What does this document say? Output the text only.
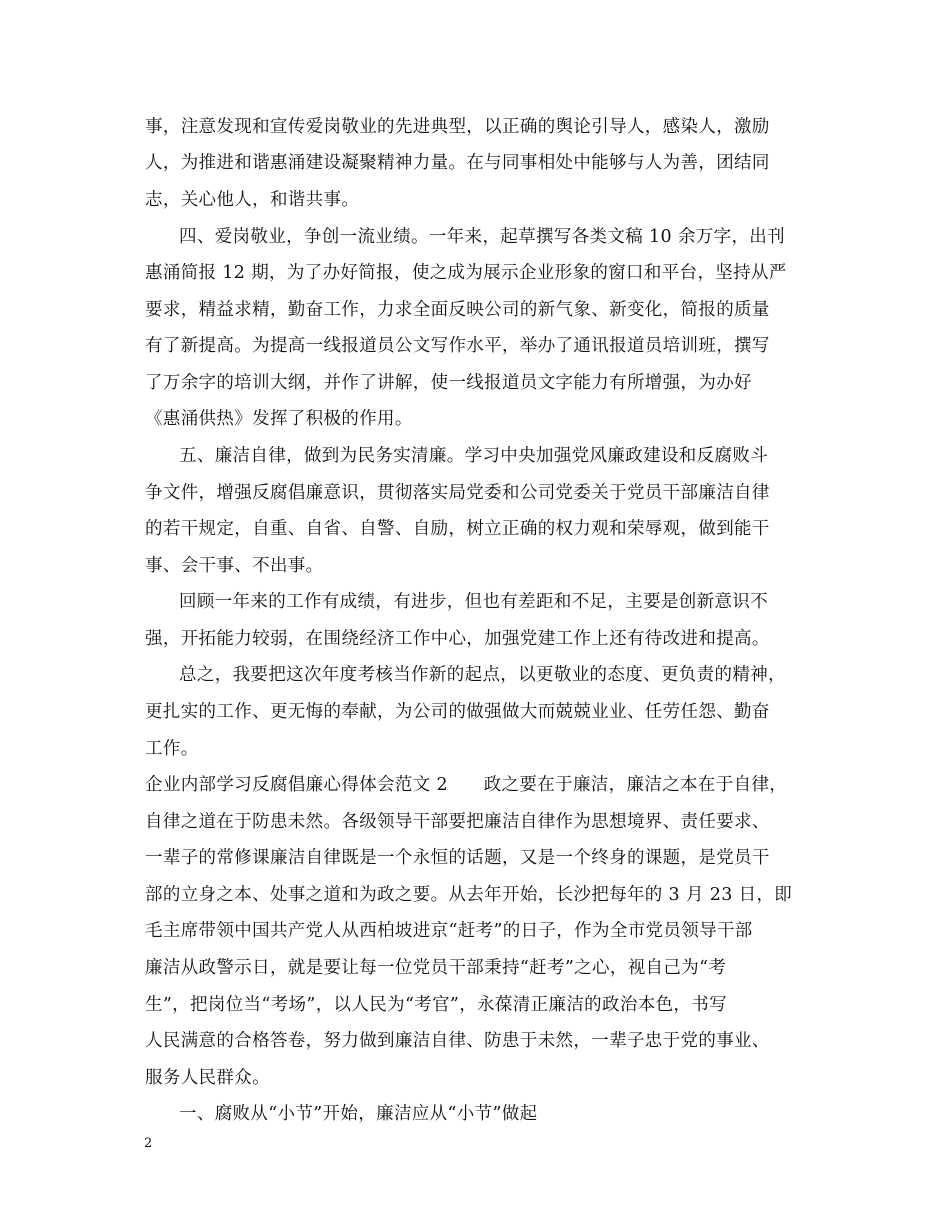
事，注意发现和宣传爱岗敬业的先进典型，以正确的舆论引导人，感染人，激励
人，为推进和谐惠涌建设凝聚精神力量。在与同事相处中能够与人为善，团结同
志，关心他人，和谐共事。
四、爱岗敬业，争创一流业绩。一年来，起草撰写各类文稿 10 余万字，出刊
惠涌简报 12 期，为了办好简报，使之成为展示企业形象的窗口和平台，坚持从严
要求，精益求精，勤奋工作，力求全面反映公司的新气象、新变化，简报的质量
有了新提高。为提高一线报道员公文写作水平，举办了通讯报道员培训班，撰写
了万余字的培训大纲，并作了讲解，使一线报道员文字能力有所增强，为办好
《惠涌供热》发挥了积极的作用。
五、廉洁自律，做到为民务实清廉。学习中央加强党风廉政建设和反腐败斗
争文件，增强反腐倡廉意识，贯彻落实局党委和公司党委关于党员干部廉洁自律
的若干规定，自重、自省、自警、自励，树立正确的权力观和荣辱观，做到能干
事、会干事、不出事。
回顾一年来的工作有成绩，有进步，但也有差距和不足，主要是创新意识不
强，开拓能力较弱，在围绕经济工作中心，加强党建工作上还有待改进和提高。
总之，我要把这次年度考核当作新的起点，以更敬业的态度、更负责的精神，
更扎实的工作、更无悔的奉献，为公司的做强做大而兢兢业业、任劳任怨、勤奋
工作。
企业内部学习反腐倡廉心得体会范文 2　　政之要在于廉洁，廉洁之本在于自律，
自律之道在于防患未然。各级领导干部要把廉洁自律作为思想境界、责任要求、
一辈子的常修课廉洁自律既是一个永恒的话题，又是一个终身的课题，是党员干
部的立身之本、处事之道和为政之要。从去年开始，长沙把每年的 3 月 23 日，即
毛主席带领中国共产党人从西柏坡进京“赶考”的日子，作为全市党员领导干部
廉洁从政警示日，就是要让每一位党员干部秉持“赶考”之心，视自己为“考
生”，把岗位当“考场”，以人民为“考官”，永葆清正廉洁的政治本色，书写
人民满意的合格答卷，努力做到廉洁自律、防患于未然，一辈子忠于党的事业、
服务人民群众。
一、腐败从“小节”开始，廉洁应从“小节”做起
2
